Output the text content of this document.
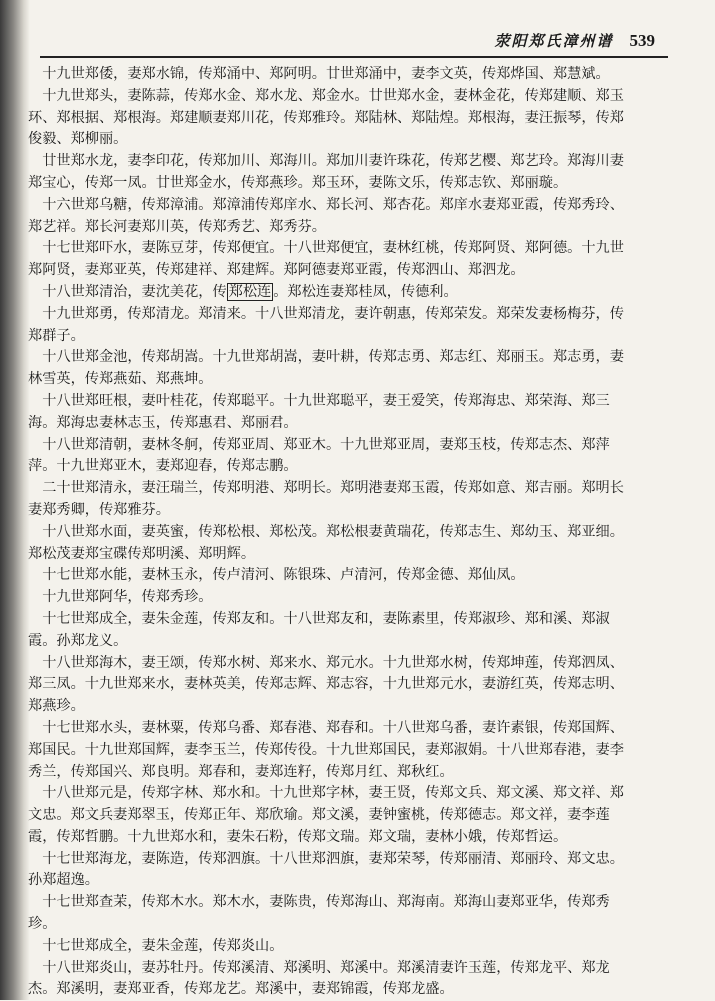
荥阳郑氏漳州谱 539

十九世郑倭，妻郑水锦，传郑涌中、郑阿明。廿世郑涌中，妻李文英，传郑烨国、郑慧斌。

十九世郑头，妻陈蒜，传郑水金、郑水龙、郑金水。廿世郑水金，妻林金花，传郑建顺、郑玉环、郑根据、郑根海。郑建顺妻郑川花，传郑雅玲。郑陆林、郑陆煌。郑根海，妻汪振琴，传郑俊毅、郑柳丽。

廿世郑水龙，妻李印花，传郑加川、郑海川。郑加川妻许珠花，传郑艺樱、郑艺玲。郑海川妻郑宝心，传郑一凤。廿世郑金水，传郑燕珍。郑玉环，妻陈文乐，传郑志钦、郑丽璇。

十六世郑乌糖，传郑漳浦。郑漳浦传郑庠水、郑长河、郑杏花。郑庠水妻郑亚霞，传郑秀玲、郑艺祥。郑长河妻郑川英，传郑秀艺、郑秀芬。

十七世郑吓水，妻陈豆芽，传郑便宜。十八世郑便宜，妻林红桃，传郑阿贤、郑阿德。十九世郑阿贤，妻郑亚英，传郑建祥、郑建辉。郑阿德妻郑亚霞，传郑泗山、郑泗龙。

十八世郑清治，妻沈美花，传 郑松连 。郑松连妻郑桂凤，传德利。

十九世郑勇，传郑清龙。郑清来。十八世郑清龙，妻许朝惠，传郑荣发。郑荣发妻杨梅芬，传郑群子。

十八世郑金池，传郑胡嵩。十九世郑胡嵩，妻叶耕，传郑志勇、郑志红、郑丽玉。郑志勇，妻林雪英，传郑燕茹、郑燕坤。

十八世郑旺根，妻叶桂花，传郑聪平。十九世郑聪平，妻王爱笑，传郑海忠、郑荣海、郑三海。郑海忠妻林志玉，传郑惠君、郑丽君。

十八世郑清朝，妻林冬舸，传郑亚周、郑亚木。十九世郑亚周，妻郑玉枝，传郑志杰、郑萍萍。十九世郑亚木，妻郑迎春，传郑志鹏。

二十世郑清永，妻汪瑞兰，传郑明港、郑明长。郑明港妻郑玉霞，传郑如意、郑吉丽。郑明长妻郑秀卿，传郑雅芬。

十八世郑水面，妻英蜜，传郑松根、郑松茂。郑松根妻黄瑞花，传郑志生、郑幼玉、郑亚细。郑松茂妻郑宝碟传郑明溪、郑明辉。

十七世郑水能，妻林玉永，传卢清河、陈银珠、卢清河，传郑金德、郑仙凤。

十九世郑阿华，传郑秀珍。

十七世郑成全，妻朱金莲，传郑友和。十八世郑友和，妻陈素里，传郑淑珍、郑和溪、郑淑霞。孙郑龙义。

十八世郑海木，妻王颂，传郑水树、郑来水、郑元水。十九世郑水树，传郑坤莲，传郑泗凤、郑三凤。十九世郑来水，妻林英美，传郑志辉、郑志容，十九世郑元水，妻游红英，传郑志明、郑燕珍。

十七世郑水头，妻林粟，传郑乌番、郑春港、郑春和。十八世郑乌番，妻许素银，传郑国辉、郑国民。十九世郑国辉，妻李玉兰，传郑传役。十九世郑国民，妻郑淑娟。十八世郑春港，妻李秀兰，传郑国兴、郑良明。郑春和，妻郑连籽，传郑月红、郑秋红。

十八世郑元是，传郑字林、郑水和。十九世郑字林，妻王贤，传郑文兵、郑文溪、郑文祥、郑文忠。郑文兵妻郑翠玉，传郑正年、郑欣瑜。郑文溪，妻钟蜜桃，传郑德志。郑文祥，妻李莲霞，传郑哲鹏。十九世郑水和，妻朱石粉，传郑文瑞。郑文瑞，妻林小娥，传郑哲运。

十七世郑海龙，妻陈造，传郑泗旗。十八世郑泗旗，妻郑荣琴，传郑丽清、郑丽玲、郑文忠。孙郑超逸。

十七世郑查茉，传郑木水。郑木水，妻陈贵，传郑海山、郑海南。郑海山妻郑亚华，传郑秀珍。

十七世郑成全，妻朱金莲，传郑炎山。

十八世郑炎山，妻苏牡丹。传郑溪清、郑溪明、郑溪中。郑溪清妻许玉莲，传郑龙平、郑龙杰。郑溪明，妻郑亚香，传郑龙艺。郑溪中，妻郑锦霞，传郑龙盛。
